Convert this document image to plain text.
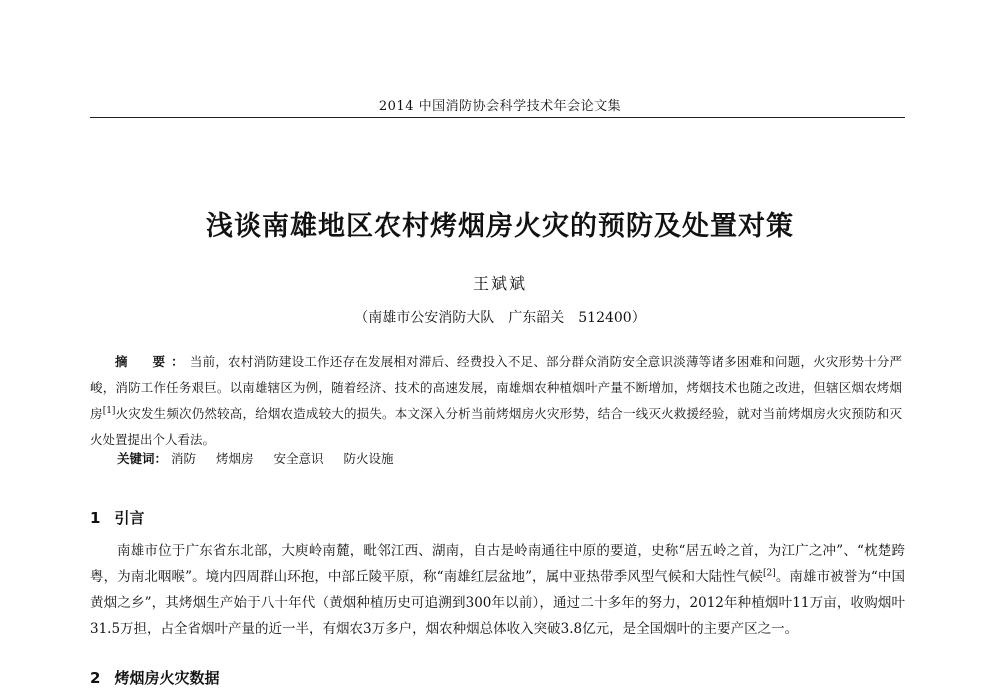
2014 中国消防协会科学技术年会论文集
浅谈南雄地区农村烤烟房火灾的预防及处置对策
王斌斌
（南雄市公安消防大队　广东韶关　512400）
摘　要：当前，农村消防建设工作还存在发展相对滞后、经费投入不足、部分群众消防安全意识淡薄等诸多困难和问题，火灾形势十分严峻，消防工作任务艰巨。以南雄辖区为例，随着经济、技术的高速发展，南雄烟农种植烟叶产量不断增加，烤烟技术也随之改进，但辖区烟农烤烟房[1]火灾发生频次仍然较高，给烟农造成较大的损失。本文深入分析当前烤烟房火灾形势，结合一线灭火救援经验，就对当前烤烟房火灾预防和灭火处置提出个人看法。
关键词： 消防 烤烟房 安全意识 防火设施
1 引言
南雄市位于广东省东北部，大庾岭南麓，毗邻江西、湖南，自古是岭南通往中原的要道，史称“居五岭之首，为江广之冲”、“枕楚跨粤，为南北咽喉”。境内四周群山环抱，中部丘陵平原，称“南雄红层盆地”，属中亚热带季风型气候和大陆性气候[2]。南雄市被誉为“中国黄烟之乡”，其烤烟生产始于八十年代（黄烟种植历史可追溯到300年以前），通过二十多年的努力，2012年种植烟叶11万亩，收购烟叶31.5万担，占全省烟叶产量的近一半，有烟农3万多户，烟农种烟总体收入突破3.8亿元，是全国烟叶的主要产区之一。
2 烤烟房火灾数据
